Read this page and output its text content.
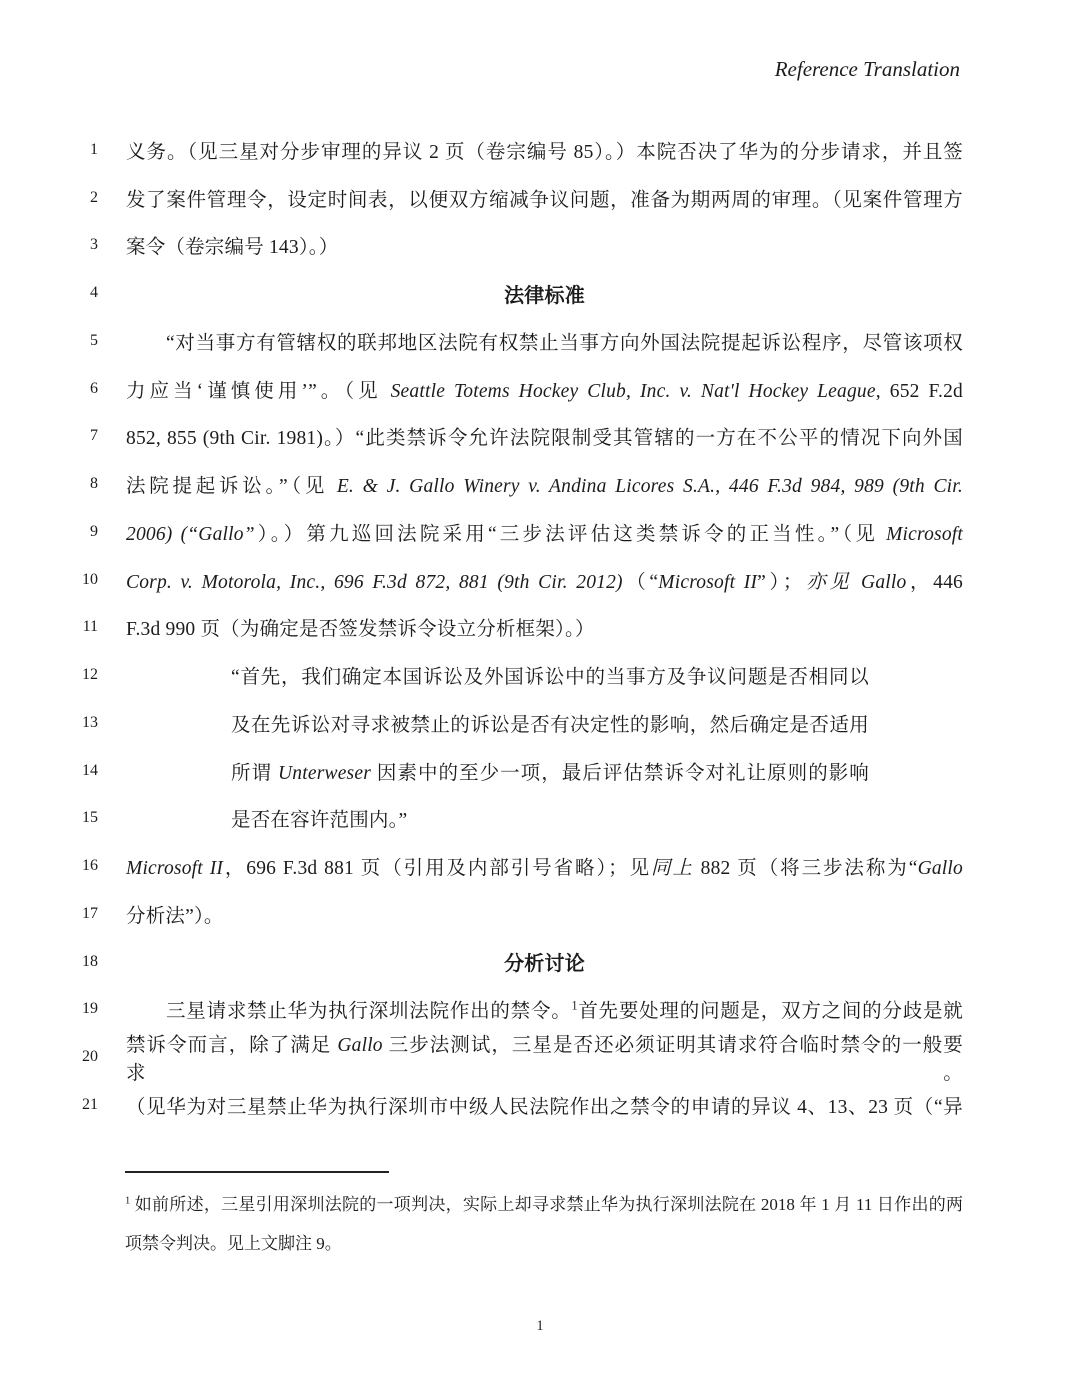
Reference Translation
1 义务。（见三星对分步审理的异议 2 页（卷宗编号 85）。）本院否决了华为的分步请求，并且签
2 发了案件管理令，设定时间表，以便双方缩减争议问题，准备为期两周的审理。（见案件管理方
3 案令（卷宗编号 143）。）
4	法律标准
5	“对当事方有管辖权的联邦地区法院有权禁止当事方向外国法院提起诉讼程序，尽管该项权
6 力应当‘谨慎使用’”。（见 Seattle Totems Hockey Club, Inc. v. Nat'l Hockey League, 652 F.2d
7 852, 855 (9th Cir. 1981)。）“此类禁诉令允许法院限制受其管辖的一方在不公平的情况下向外国
8 法院提起诉讼。”（见 E. & J. Gallo Winery v. Andina Licores S.A., 446 F.3d 984, 989 (9th Cir.
9 2006) (“Gallo”）。）第九巡回法院采用“三步法评估这类禁诉令的正当性。”（见 Microsoft
10 Corp. v. Motorola, Inc., 696 F.3d 872, 881 (9th Cir. 2012)（“Microsoft II”）；亦见 Gallo，446
11 F.3d 990 页（为确定是否签发禁诉令设立分析框架）。）
12	“首先，我们确定本国诉讼及外国诉讼中的当事方及争议问题是否相同以
13	及在先诉讼对寻求被禁止的诉讼是否有决定性的影响，然后确定是否适用
14	所谓 Unterweser 因素中的至少一项，最后评估禁诉令对礼让原则的影响
15	是否在容许范围内。”
16 Microsoft II，696 F.3d 881 页（引用及内部引号省略）；见同上 882 页（将三步法称为“Gallo
17 分析法”）。
18	分析讨论
19	三星请求禁止华为执行深圳法院作出的禁令。$^1$首先要处理的问题是，双方之间的分歧是就
20
禁诉令而言，除了满足 Gallo 三步法测试，三星是否还必须证明其请求符合临时禁令的一般要求。
21 （见华为对三星禁止华为执行深圳市中级人民法院作出之禁令的申请的异议 4、13、23 页（“异
$^1$ 如前所述，三星引用深圳法院的一项判决，实际上却寻求禁止华为执行深圳法院在 2018 年 1 月 11 日作出的两项禁令判决。见上文脚注 9。
1
